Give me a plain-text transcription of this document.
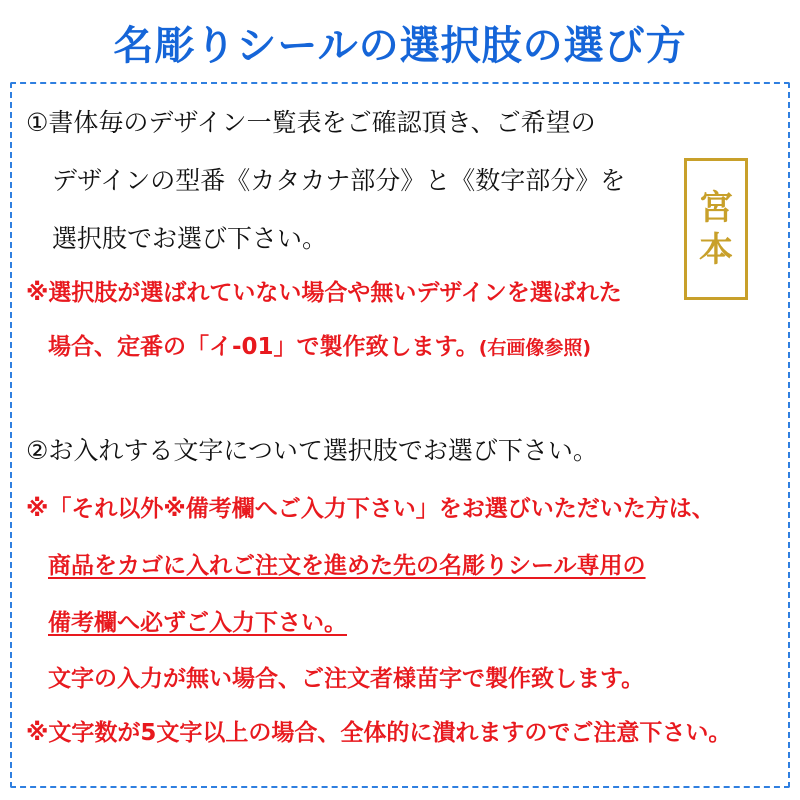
名彫りシールの選択肢の選び方
①書体毎のデザイン一覧表をご確認頂き、ご希望の
デザインの型番《カタカナ部分》と《数字部分》を
選択肢でお選び下さい。
※選択肢が選ばれていない場合や無いデザインを選ばれた
場合、定番の「イ-01」で製作致します。(右画像参照)
②お入れする文字について選択肢でお選び下さい。
※「それ以外※備考欄へご入力下さい」をお選びいただいた方は、
商品をカゴに入れご注文を進めた先の名彫りシール専用の
備考欄へ必ずご入力下さい。
文字の入力が無い場合、ご注文者様苗字で製作致します。
※文字数が5文字以上の場合、全体的に潰れますのでご注意下さい。
宮
本
